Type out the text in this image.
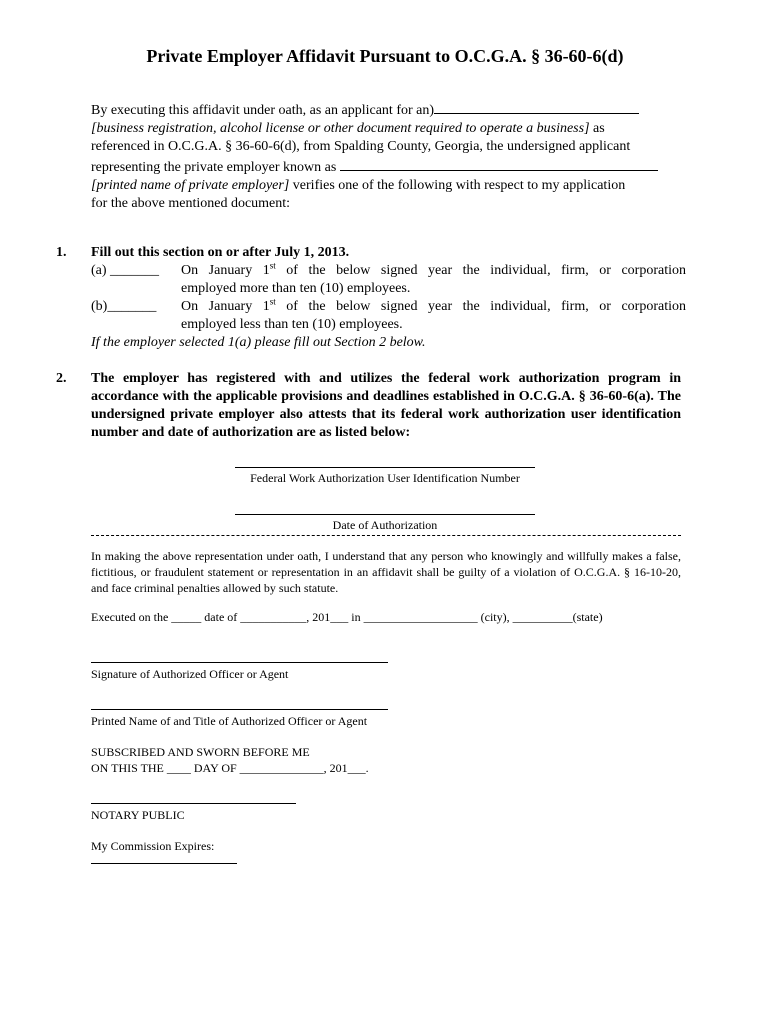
Private Employer Affidavit Pursuant to O.C.G.A. § 36-60-6(d)

By executing this affidavit under oath, as an applicant for an)

[business registration, alcohol license or other document required to operate a business] as

referenced in O.C.G.A. § 36-60-6(d), from Spalding County, Georgia, the undersigned applicant

representing the private employer known as

[printed name of private employer] verifies one of the following with respect to my application

for the above mentioned document:

1. Fill out this section on or after July 1, 2013.
(a) _______ On January 1st of the below signed year the individual, firm, or corporation
employed more than ten (10) employees.
(b)_______ On January 1st of the below signed year the individual, firm, or corporation
employed less than ten (10) employees.
If the employer selected 1(a) please fill out Section 2 below.
2. The employer has registered with and utilizes the federal work authorization program in accordance with the applicable provisions and deadlines established in O.C.G.A. § 36-60-6(a). The undersigned private employer also attests that its federal work authorization user identification number and date of authorization are as listed below:
Federal Work Authorization User Identification Number
Date of Authorization
In making the above representation under oath, I understand that any person who knowingly and willfully makes a false, fictitious, or fraudulent statement or representation in an affidavit shall be guilty of a violation of O.C.G.A. § 16-10-20, and face criminal penalties allowed by such statute.
Executed on the _____ date of ___________, 201___ in ___________________ (city), __________(state)
Signature of Authorized Officer or Agent
Printed Name of and Title of Authorized Officer or Agent
SUBSCRIBED AND SWORN BEFORE ME
ON THIS THE ____ DAY OF ______________, 201___.
NOTARY PUBLIC
My Commission Expires:
